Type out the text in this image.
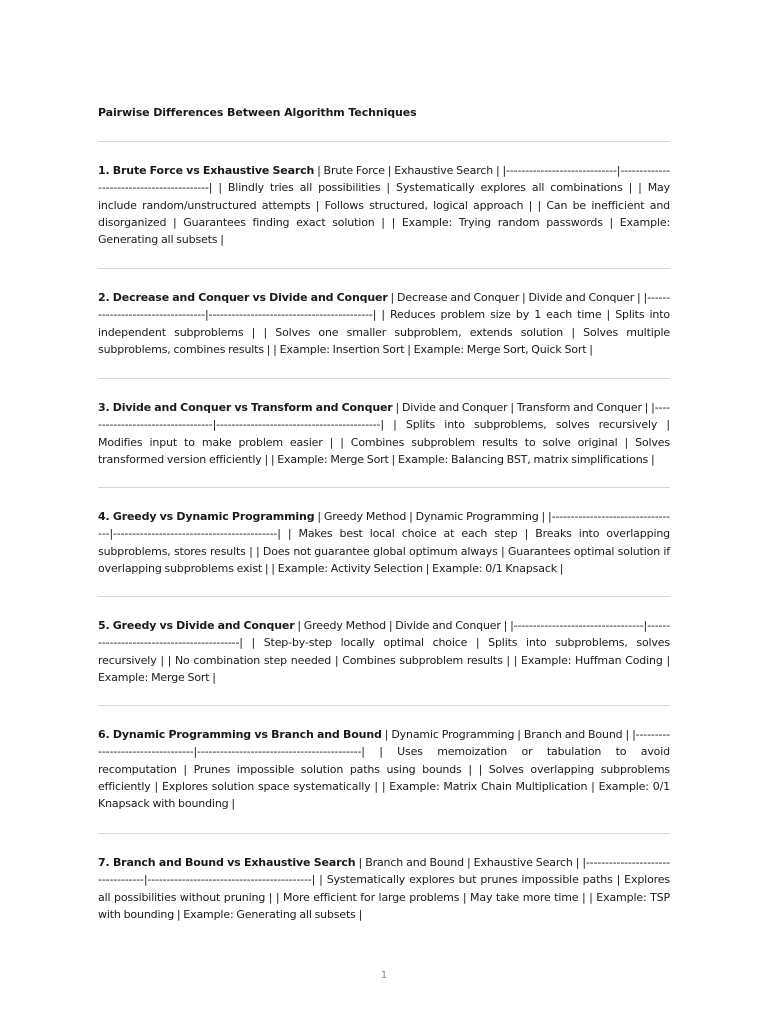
Pairwise Differences Between Algorithm Techniques

1. Brute Force vs Exhaustive Search | Brute Force | Exhaustive Search | |-----------------------------|------------------------------------------| | Blindly tries all possibilities | Systematically explores all combinations | | May include random/unstructured attempts | Follows structured, logical approach | | Can be inefficient and disorganized | Guarantees finding exact solution | | Example: Trying random passwords | Example: Generating all subsets |

2. Decrease and Conquer vs Divide and Conquer | Decrease and Conquer | Divide and Conquer | |----------------------------------|-------------------------------------------| | Reduces problem size by 1 each time | Splits into independent subproblems | | Solves one smaller subproblem, extends solution | Solves multiple subproblems, combines results | | Example: Insertion Sort | Example: Merge Sort, Quick Sort |

3. Divide and Conquer vs Transform and Conquer | Divide and Conquer | Transform and Conquer | |----------------------------------|-------------------------------------------| | Splits into subproblems, solves recursively | Modifies input to make problem easier | | Combines subproblem results to solve original | Solves transformed version efficiently | | Example: Merge Sort | Example: Balancing BST, matrix simplifications |

4. Greedy vs Dynamic Programming | Greedy Method | Dynamic Programming | |----------------------------------|-------------------------------------------| | Makes best local choice at each step | Breaks into overlapping subproblems, stores results | | Does not guarantee global optimum always | Guarantees optimal solution if overlapping subproblems exist | | Example: Activity Selection | Example: 0/1 Knapsack |

5. Greedy vs Divide and Conquer | Greedy Method | Divide and Conquer | |----------------------------------|-------------------------------------------| | Step-by-step locally optimal choice | Splits into subproblems, solves recursively | | No combination step needed | Combines subproblem results | | Example: Huffman Coding | Example: Merge Sort |

6. Dynamic Programming vs Branch and Bound | Dynamic Programming | Branch and Bound | |----------------------------------|-------------------------------------------| | Uses memoization or tabulation to avoid recomputation | Prunes impossible solution paths using bounds | | Solves overlapping subproblems efficiently | Explores solution space systematically | | Example: Matrix Chain Multiplication | Example: 0/1 Knapsack with bounding |

7. Branch and Bound vs Exhaustive Search | Branch and Bound | Exhaustive Search | |----------------------------------|-------------------------------------------| | Systematically explores but prunes impossible paths | Explores all possibilities without pruning | | More efficient for large problems | May take more time | | Example: TSP with bounding | Example: Generating all subsets |

1
